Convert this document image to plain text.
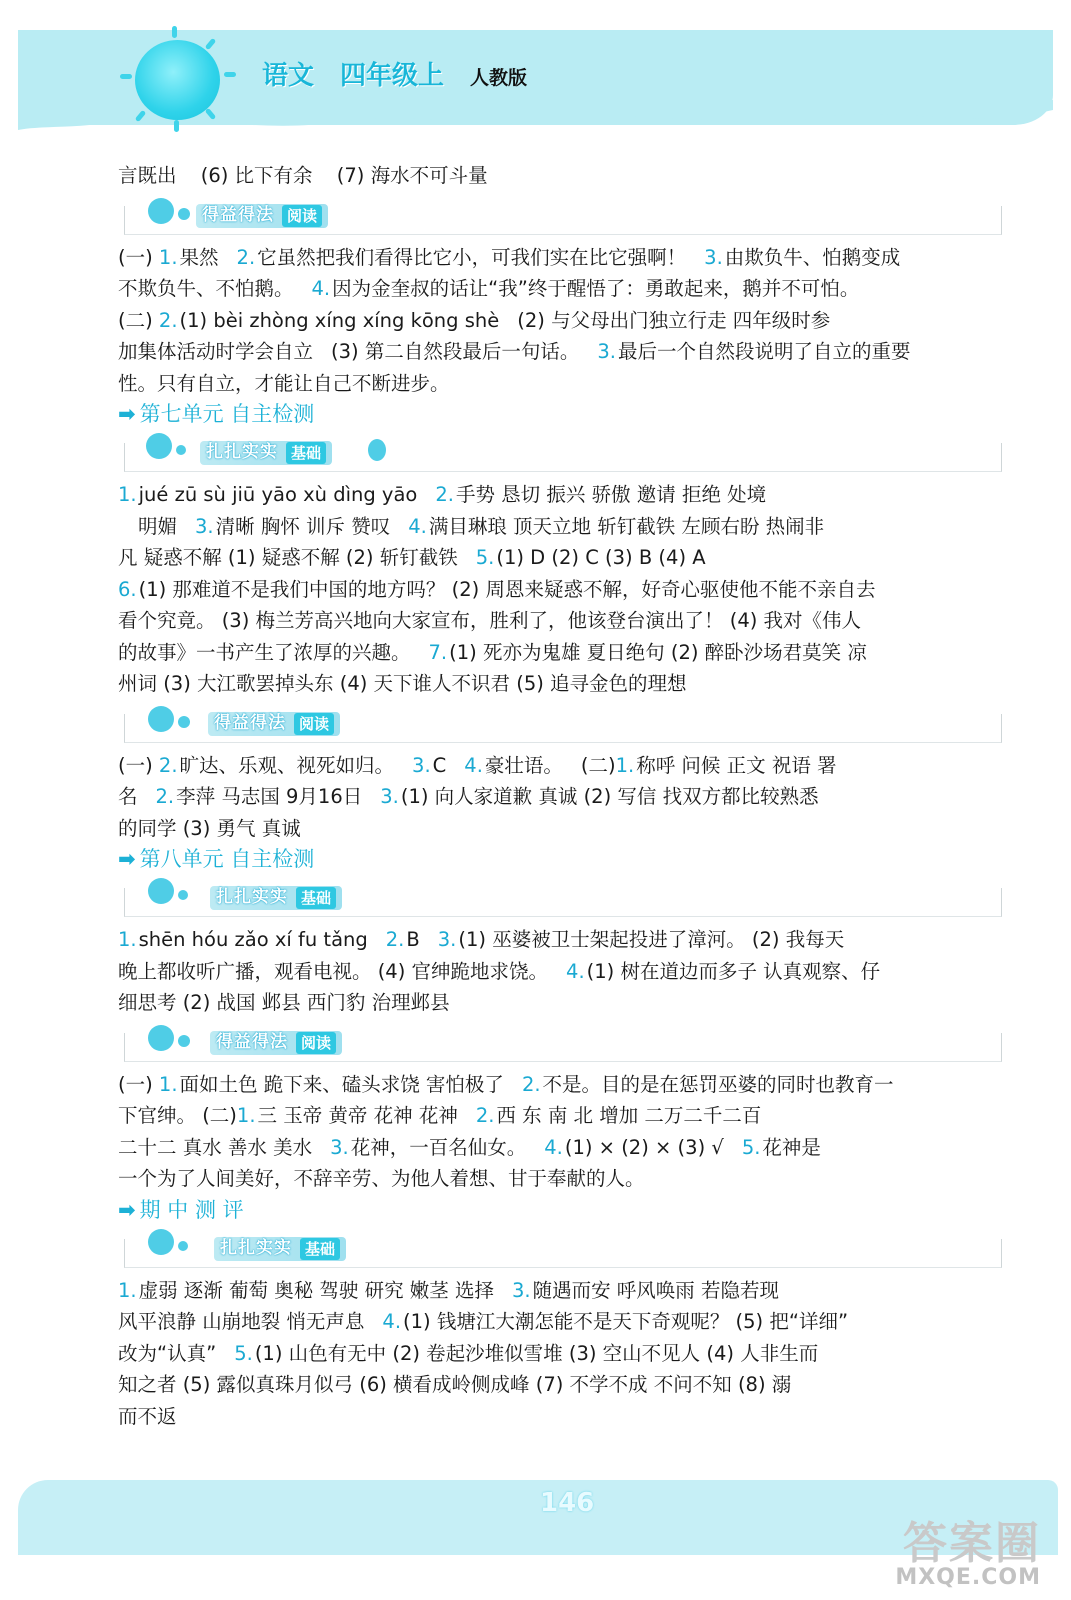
语文 四年级上 人教版
言既出 (6) 比下有余 (7) 海水不可斗量
得益得法 阅读
(一) 1. 果然 2. 它虽然把我们看得比它小，可我们实在比它强啊！ 3. 由欺负牛、怕鹅变成
不欺负牛、不怕鹅。 4. 因为金奎叔的话让“我”终于醒悟了：勇敢起来，鹅并不可怕。
(二) 2. (1) bèi zhòng xíng xíng kōng shè (2) 与父母出门独立行走 四年级时参
加集体活动时学会自立 (3) 第二自然段最后一句话。 3. 最后一个自然段说明了自立的重要
性。只有自立，才能让自己不断进步。
➡ 第七单元 自主检测
扎扎实实 基础
1. jué zū sù jiū yāo xù dìng yāo 2. 手势 恳切 振兴 骄傲 邀请 拒绝 处境
明媚 3. 清晰 胸怀 训斥 赞叹 4. 满目琳琅 顶天立地 斩钉截铁 左顾右盼 热闹非
凡 疑惑不解 (1) 疑惑不解 (2) 斩钉截铁 5. (1) D (2) C (3) B (4) A
6. (1) 那难道不是我们中国的地方吗？ (2) 周恩来疑惑不解，好奇心驱使他不能不亲自去
看个究竟。 (3) 梅兰芳高兴地向大家宣布，胜利了，他该登台演出了！ (4) 我对《伟人
的故事》一书产生了浓厚的兴趣。 7. (1) 死亦为鬼雄 夏日绝句 (2) 醉卧沙场君莫笑 凉
州词 (3) 大江歌罢掉头东 (4) 天下谁人不识君 (5) 追寻金色的理想
得益得法 阅读
(一) 2. 旷达、乐观、视死如归。 3. C 4. 豪壮语。 (二)1. 称呼 问候 正文 祝语 署
名 2. 李萍 马志国 9月16日 3. (1) 向人家道歉 真诚 (2) 写信 找双方都比较熟悉
的同学 (3) 勇气 真诚
➡ 第八单元 自主检测
扎扎实实 基础
1. shēn hóu zǎo xí fu tǎng 2. B 3. (1) 巫婆被卫士架起投进了漳河。 (2) 我每天
晚上都收听广播，观看电视。 (4) 官绅跪地求饶。 4. (1) 树在道边而多子 认真观察、仔
细思考 (2) 战国 邺县 西门豹 治理邺县
得益得法 阅读
(一) 1. 面如土色 跪下来、磕头求饶 害怕极了 2. 不是。目的是在惩罚巫婆的同时也教育一
下官绅。 (二)1. 三 玉帝 黄帝 花神 花神 2. 西 东 南 北 增加 二万二千二百
二十二 真水 善水 美水 3. 花神，一百名仙女。 4. (1) × (2) × (3) √ 5. 花神是
一个为了人间美好，不辞辛劳、为他人着想、甘于奉献的人。
➡ 期 中 测 评
扎扎实实 基础
1. 虚弱 逐渐 葡萄 奥秘 驾驶 研究 嫩茎 选择 3. 随遇而安 呼风唤雨 若隐若现
风平浪静 山崩地裂 悄无声息 4. (1) 钱塘江大潮怎能不是天下奇观呢？ (5) 把“详细”
改为“认真” 5. (1) 山色有无中 (2) 卷起沙堆似雪堆 (3) 空山不见人 (4) 人非生而
知之者 (5) 露似真珠月似弓 (6) 横看成岭侧成峰 (7) 不学不成 不问不知 (8) 溺
而不返
146
答案圈
MXQE.COM
